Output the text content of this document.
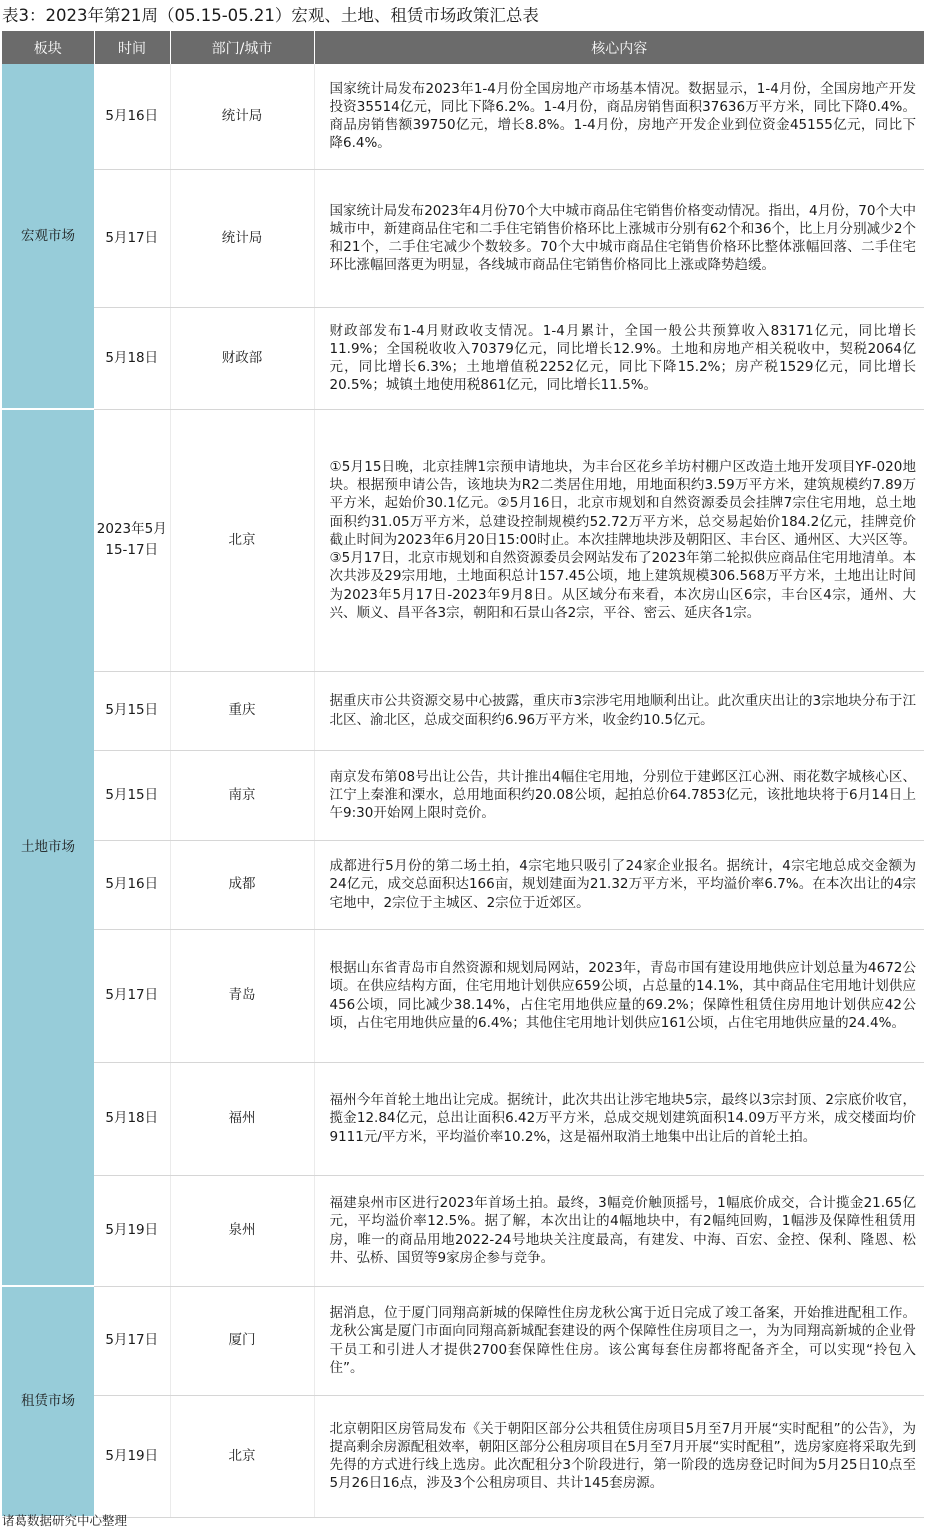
表3：2023年第21周（05.15-05.21）宏观、土地、租赁市场政策汇总表
板块	时间	部门/城市	核心内容
宏观市场	5月16日	统计局	国家统计局发布2023年1-4月份全国房地产市场基本情况。数据显示，1-4月份，全国房地产开发投资35514亿元，同比下降6.2%。1-4月份，商品房销售面积37636万平方米，同比下降0.4%。商品房销售额39750亿元，增长8.8%。1-4月份，房地产开发企业到位资金45155亿元，同比下降6.4%。
	5月17日	统计局	国家统计局发布2023年4月份70个大中城市商品住宅销售价格变动情况。指出，4月份，70个大中城市中，新建商品住宅和二手住宅销售价格环比上涨城市分别有62个和36个，比上月分别减少2个和21个，二手住宅减少个数较多。70个大中城市商品住宅销售价格环比整体涨幅回落、二手住宅环比涨幅回落更为明显，各线城市商品住宅销售价格同比上涨或降势趋缓。
	5月18日	财政部	财政部发布1-4月财政收支情况。1-4月累计，全国一般公共预算收入83171亿元，同比增长11.9%；全国税收收入70379亿元，同比增长12.9%。土地和房地产相关税收中，契税2064亿元，同比增长6.3%；土地增值税2252亿元，同比下降15.2%；房产税1529亿元，同比增长20.5%；城镇土地使用税861亿元，同比增长11.5%。
土地市场	2023年5月15-17日	北京	①5月15日晚，北京挂牌1宗预申请地块，为丰台区花乡羊坊村棚户区改造土地开发项目YF-020地块。根据预申请公告，该地块为R2二类居住用地，用地面积约3.59万平方米，建筑规模约7.89万平方米，起始价30.1亿元。②5月16日，北京市规划和自然资源委员会挂牌7宗住宅用地，总土地面积约31.05万平方米，总建设控制规模约52.72万平方米，总交易起始价184.2亿元，挂牌竞价截止时间为2023年6月20日15:00时止。本次挂牌地块涉及朝阳区、丰台区、通州区、大兴区等。③5月17日，北京市规划和自然资源委员会网站发布了2023年第二轮拟供应商品住宅用地清单。本次共涉及29宗用地，土地面积总计157.45公顷，地上建筑规模306.568万平方米，土地出让时间为2023年5月17日-2023年9月8日。从区域分布来看，本次房山区6宗，丰台区4宗，通州、大兴、顺义、昌平各3宗，朝阳和石景山各2宗，平谷、密云、延庆各1宗。
	5月15日	重庆	据重庆市公共资源交易中心披露，重庆市3宗涉宅用地顺利出让。此次重庆出让的3宗地块分布于江北区、渝北区，总成交面积约6.96万平方米，收金约10.5亿元。
	5月15日	南京	南京发布第08号出让公告，共计推出4幅住宅用地，分别位于建邺区江心洲、雨花数字城核心区、江宁上秦淮和溧水，总用地面积约20.08公顷，起拍总价64.7853亿元，该批地块将于6月14日上午9:30开始网上限时竞价。
	5月16日	成都	成都进行5月份的第二场土拍，4宗宅地只吸引了24家企业报名。据统计，4宗宅地总成交金额为24亿元，成交总面积达166亩，规划建面为21.32万平方米，平均溢价率6.7%。在本次出让的4宗宅地中，2宗位于主城区、2宗位于近郊区。
	5月17日	青岛	根据山东省青岛市自然资源和规划局网站，2023年，青岛市国有建设用地供应计划总量为4672公顷。在供应结构方面，住宅用地计划供应659公顷，占总量的14.1%，其中商品住宅用地计划供应456公顷，同比减少38.14%，占住宅用地供应量的69.2%；保障性租赁住房用地计划供应42公顷，占住宅用地供应量的6.4%；其他住宅用地计划供应161公顷，占住宅用地供应量的24.4%。
	5月18日	福州	福州今年首轮土地出让完成。据统计，此次共出让涉宅地块5宗，最终以3宗封顶、2宗底价收官，揽金12.84亿元，总出让面积6.42万平方米，总成交规划建筑面积14.09万平方米，成交楼面均价9111元/平方米，平均溢价率10.2%，这是福州取消土地集中出让后的首轮土拍。
	5月19日	泉州	福建泉州市区进行2023年首场土拍。最终，3幅竞价触顶摇号，1幅底价成交，合计揽金21.65亿元，平均溢价率12.5%。据了解，本次出让的4幅地块中，有2幅纯回购，1幅涉及保障性租赁用房，唯一的商品用地2022-24号地块关注度最高，有建发、中海、百宏、金控、保利、隆恩、松井、弘桥、国贸等9家房企参与竞争。
租赁市场	5月17日	厦门	据消息，位于厦门同翔高新城的保障性住房龙秋公寓于近日完成了竣工备案，开始推进配租工作。龙秋公寓是厦门市面向同翔高新城配套建设的两个保障性住房项目之一，为为同翔高新城的企业骨干员工和引进人才提供2700套保障性住房。该公寓每套住房都将配备齐全，可以实现“拎包入住”。
	5月19日	北京	北京朝阳区房管局发布《关于朝阳区部分公共租赁住房项目5月至7月开展“实时配租”的公告》，为提高剩余房源配租效率，朝阳区部分公租房项目在5月至7月开展“实时配租”，选房家庭将采取先到先得的方式进行线上选房。此次配租分3个阶段进行，第一阶段的选房登记时间为5月25日10点至5月26日16点，涉及3个公租房项目、共计145套房源。
诸葛数据研究中心整理
